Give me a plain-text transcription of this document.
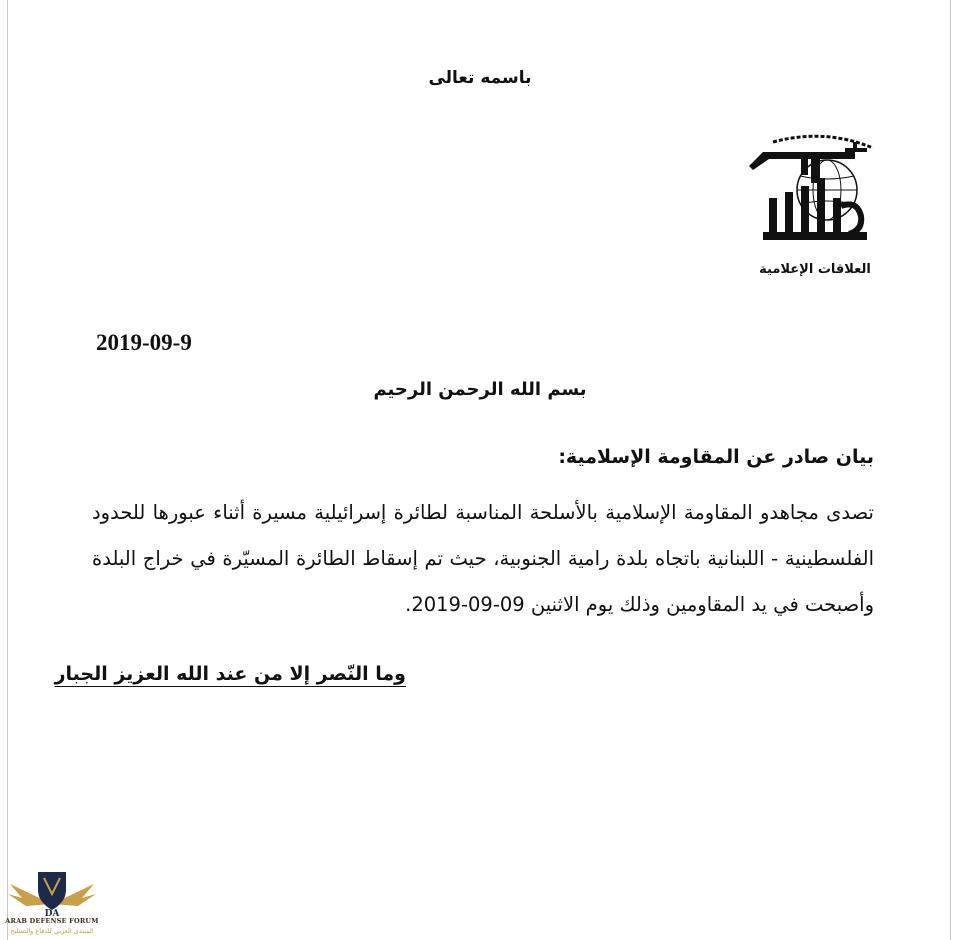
باسمه تعالى
العلاقات الإعلامية
2019-09-9
بسم الله الرحمن الرحيم
بيان صادر عن المقاومة الإسلامية:
تصدى مجاهدو المقاومة الإسلامية بالأسلحة المناسبة لطائرة إسرائيلية مسيرة أثناء عبورها للحدود الفلسطينية - اللبنانية باتجاه بلدة رامية الجنوبية، حيث تم إسقاط الطائرة المسيّرة في خراج البلدة وأصبحت في يد المقاومين وذلك يوم الاثنين 09-09-2019.
وما النّصر إلا من عند الله العزيز الجبار
DA
ARAB DEFENSE FORUM
المنتدى العربي للدفاع والتسليح
